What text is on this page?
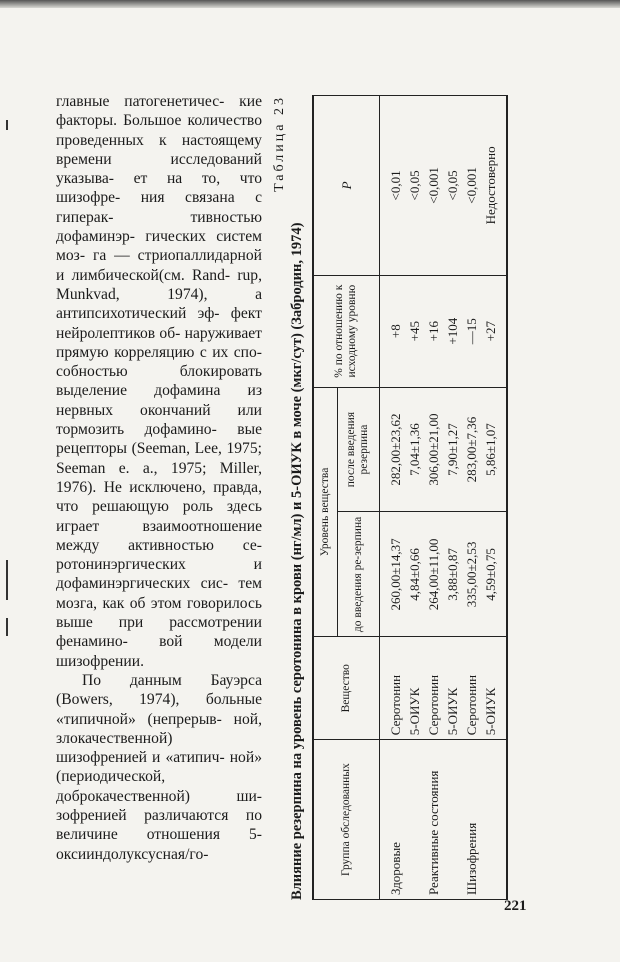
главные патогенетичес- кие факторы. Большое количество проведенных к настоящему времени	исследований указыва- ет на то, что шизофре- ния связана с гиперак-	тивностью дофаминэр- гических систем моз- га — стриопаллидарной и лимбической(см. Rand- rup, Munkvad, 1974), а антипсихотический эф- фект нейролептиков об- наруживает прямую корреляцию с их спо- собностью блокировать выделение дофамина из нервных окончаний или тормозить дофаминo- вые рецепторы (Seeman, Lee, 1975; Seeman e. a., 1975; Miller, 1976). Не исключено, правда, что решающую роль здесь играет взаимоотношение между активностью се- ротонинэргических и дофаминэргических сис- тем мозга, как об этом говорилось выше при рассмотрении фенамино- вой модели шизофрении.

По данным Бауэрса (Bowers, 1974), больные «типичной» (непрерыв- ной, злокачественной) шизофренией и «атипич- ной» (периодической, доброкачественной) ши- зофренией различаются по величине отношения 5-оксииндолуксусная/го-

Таблица 23
Влияние резерпина на уровень серотонина в крови (нг/мл) и 5-ОИУК в моче (мкг/сут) (Забродин, 1974)	Группа обследованных	Вещество	Уровень вещества		% по отношению к исходному уровню	P
		до введения ре-зерпина	после введения резерпина		
Здоровые	Серотонин	260,00±14,37	282,00±23,62	+8	<0,01
	5-ОИУК	4,84±0,66	7,04±1,36	+45	<0,05
Реактивные состояния	Серотонин	264,00±11,00	306,00±21,00	+16	<0,001
	5-ОИУК	3,88±0,87	7,90±1,27	+104	<0,05
Шизофрения	Серотонин	335,00±2,53	283,00±7,36	—15	<0,001
	5-ОИУК	4,59±0,75	5,86±1,07	+27	Недостоверно
221
